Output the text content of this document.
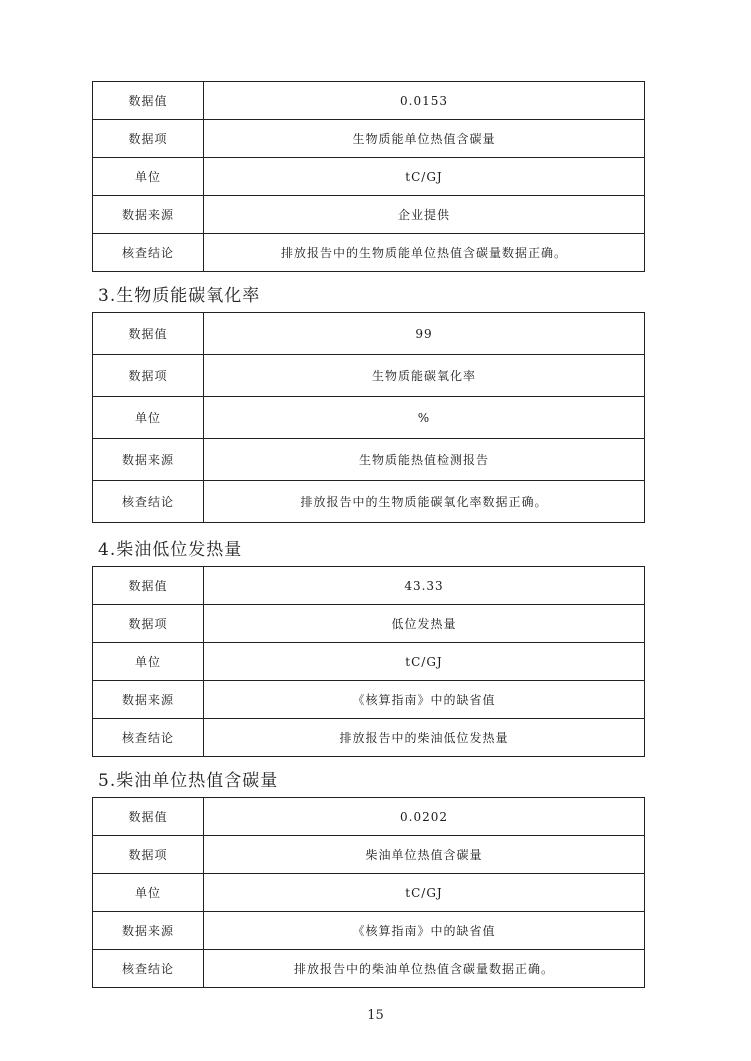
数据值	0.0153
数据项	生物质能单位热值含碳量
单位	tC/GJ
数据来源	企业提供
核查结论	排放报告中的生物质能单位热值含碳量数据正确。
3.生物质能碳氧化率
数据值	99
数据项	生物质能碳氧化率
单位	%
数据来源	生物质能热值检测报告
核查结论	排放报告中的生物质能碳氧化率数据正确。
4.柴油低位发热量
数据值	43.33
数据项	低位发热量
单位	tC/GJ
数据来源	《核算指南》中的缺省值
核查结论	排放报告中的柴油低位发热量
5.柴油单位热值含碳量
数据值	0.0202
数据项	柴油单位热值含碳量
单位	tC/GJ
数据来源	《核算指南》中的缺省值
核查结论	排放报告中的柴油单位热值含碳量数据正确。
15
